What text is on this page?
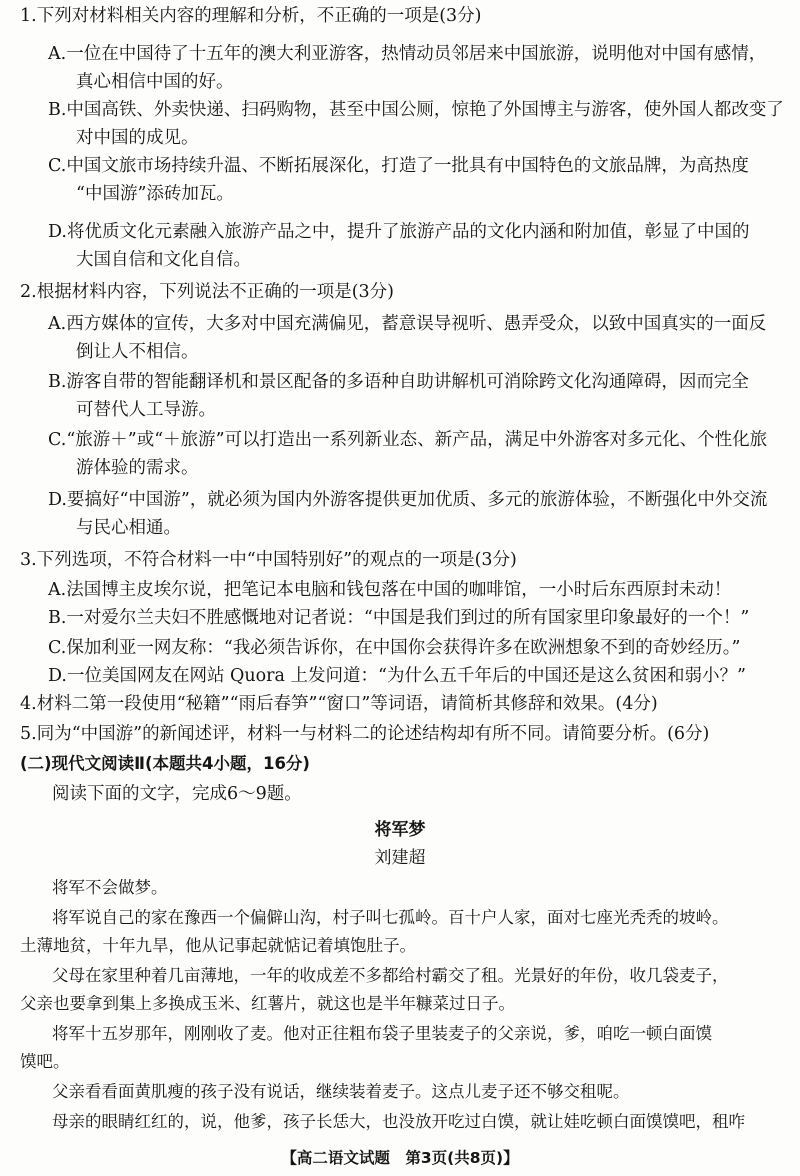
1.下列对材料相关内容的理解和分析，不正确的一项是(3分)
A.一位在中国待了十五年的澳大利亚游客，热情动员邻居来中国旅游，说明他对中国有感情，
真心相信中国的好。
B.中国高铁、外卖快递、扫码购物，甚至中国公厕，惊艳了外国博主与游客，使外国人都改变了
对中国的成见。
C.中国文旅市场持续升温、不断拓展深化，打造了一批具有中国特色的文旅品牌，为高热度
“中国游”添砖加瓦。
D.将优质文化元素融入旅游产品之中，提升了旅游产品的文化内涵和附加值，彰显了中国的
大国自信和文化自信。
2.根据材料内容，下列说法不正确的一项是(3分)
A.西方媒体的宣传，大多对中国充满偏见，蓄意误导视听、愚弄受众，以致中国真实的一面反
倒让人不相信。
B.游客自带的智能翻译机和景区配备的多语种自助讲解机可消除跨文化沟通障碍，因而完全
可替代人工导游。
C.“旅游＋”或“＋旅游”可以打造出一系列新业态、新产品，满足中外游客对多元化、个性化旅
游体验的需求。
D.要搞好“中国游”，就必须为国内外游客提供更加优质、多元的旅游体验，不断强化中外交流
与民心相通。
3.下列选项，不符合材料一中“中国特别好”的观点的一项是(3分)
A.法国博主皮埃尔说，把笔记本电脑和钱包落在中国的咖啡馆，一小时后东西原封未动！
B.一对爱尔兰夫妇不胜感慨地对记者说：“中国是我们到过的所有国家里印象最好的一个！”
C.保加利亚一网友称：“我必须告诉你，在中国你会获得许多在欧洲想象不到的奇妙经历。”
D.一位美国网友在网站 Quora 上发问道：“为什么五千年后的中国还是这么贫困和弱小？”
4.材料二第一段使用“秘籍”“雨后春笋”“窗口”等词语，请简析其修辞和效果。(4分)
5.同为“中国游”的新闻述评，材料一与材料二的论述结构却有所不同。请简要分析。(6分)
(二)现代文阅读Ⅱ(本题共4小题，16分)
阅读下面的文字，完成6～9题。
将军梦
刘建超
将军不会做梦。
将军说自己的家在豫西一个偏僻山沟，村子叫七孤岭。百十户人家，面对七座光秃秃的坡岭。
土薄地贫，十年九旱，他从记事起就惦记着填饱肚子。
父母在家里种着几亩薄地，一年的收成差不多都给村霸交了租。光景好的年份，收几袋麦子，
父亲也要拿到集上多换成玉米、红薯片，就这也是半年糠菜过日子。
将军十五岁那年，刚刚收了麦。他对正往粗布袋子里装麦子的父亲说，爹，咱吃一顿白面馍
馍吧。
父亲看看面黄肌瘦的孩子没有说话，继续装着麦子。这点儿麦子还不够交租呢。
母亲的眼睛红红的，说，他爹，孩子长恁大，也没放开吃过白馍，就让娃吃顿白面馍馍吧，租咋
【高二语文试题　第3页(共8页)】
